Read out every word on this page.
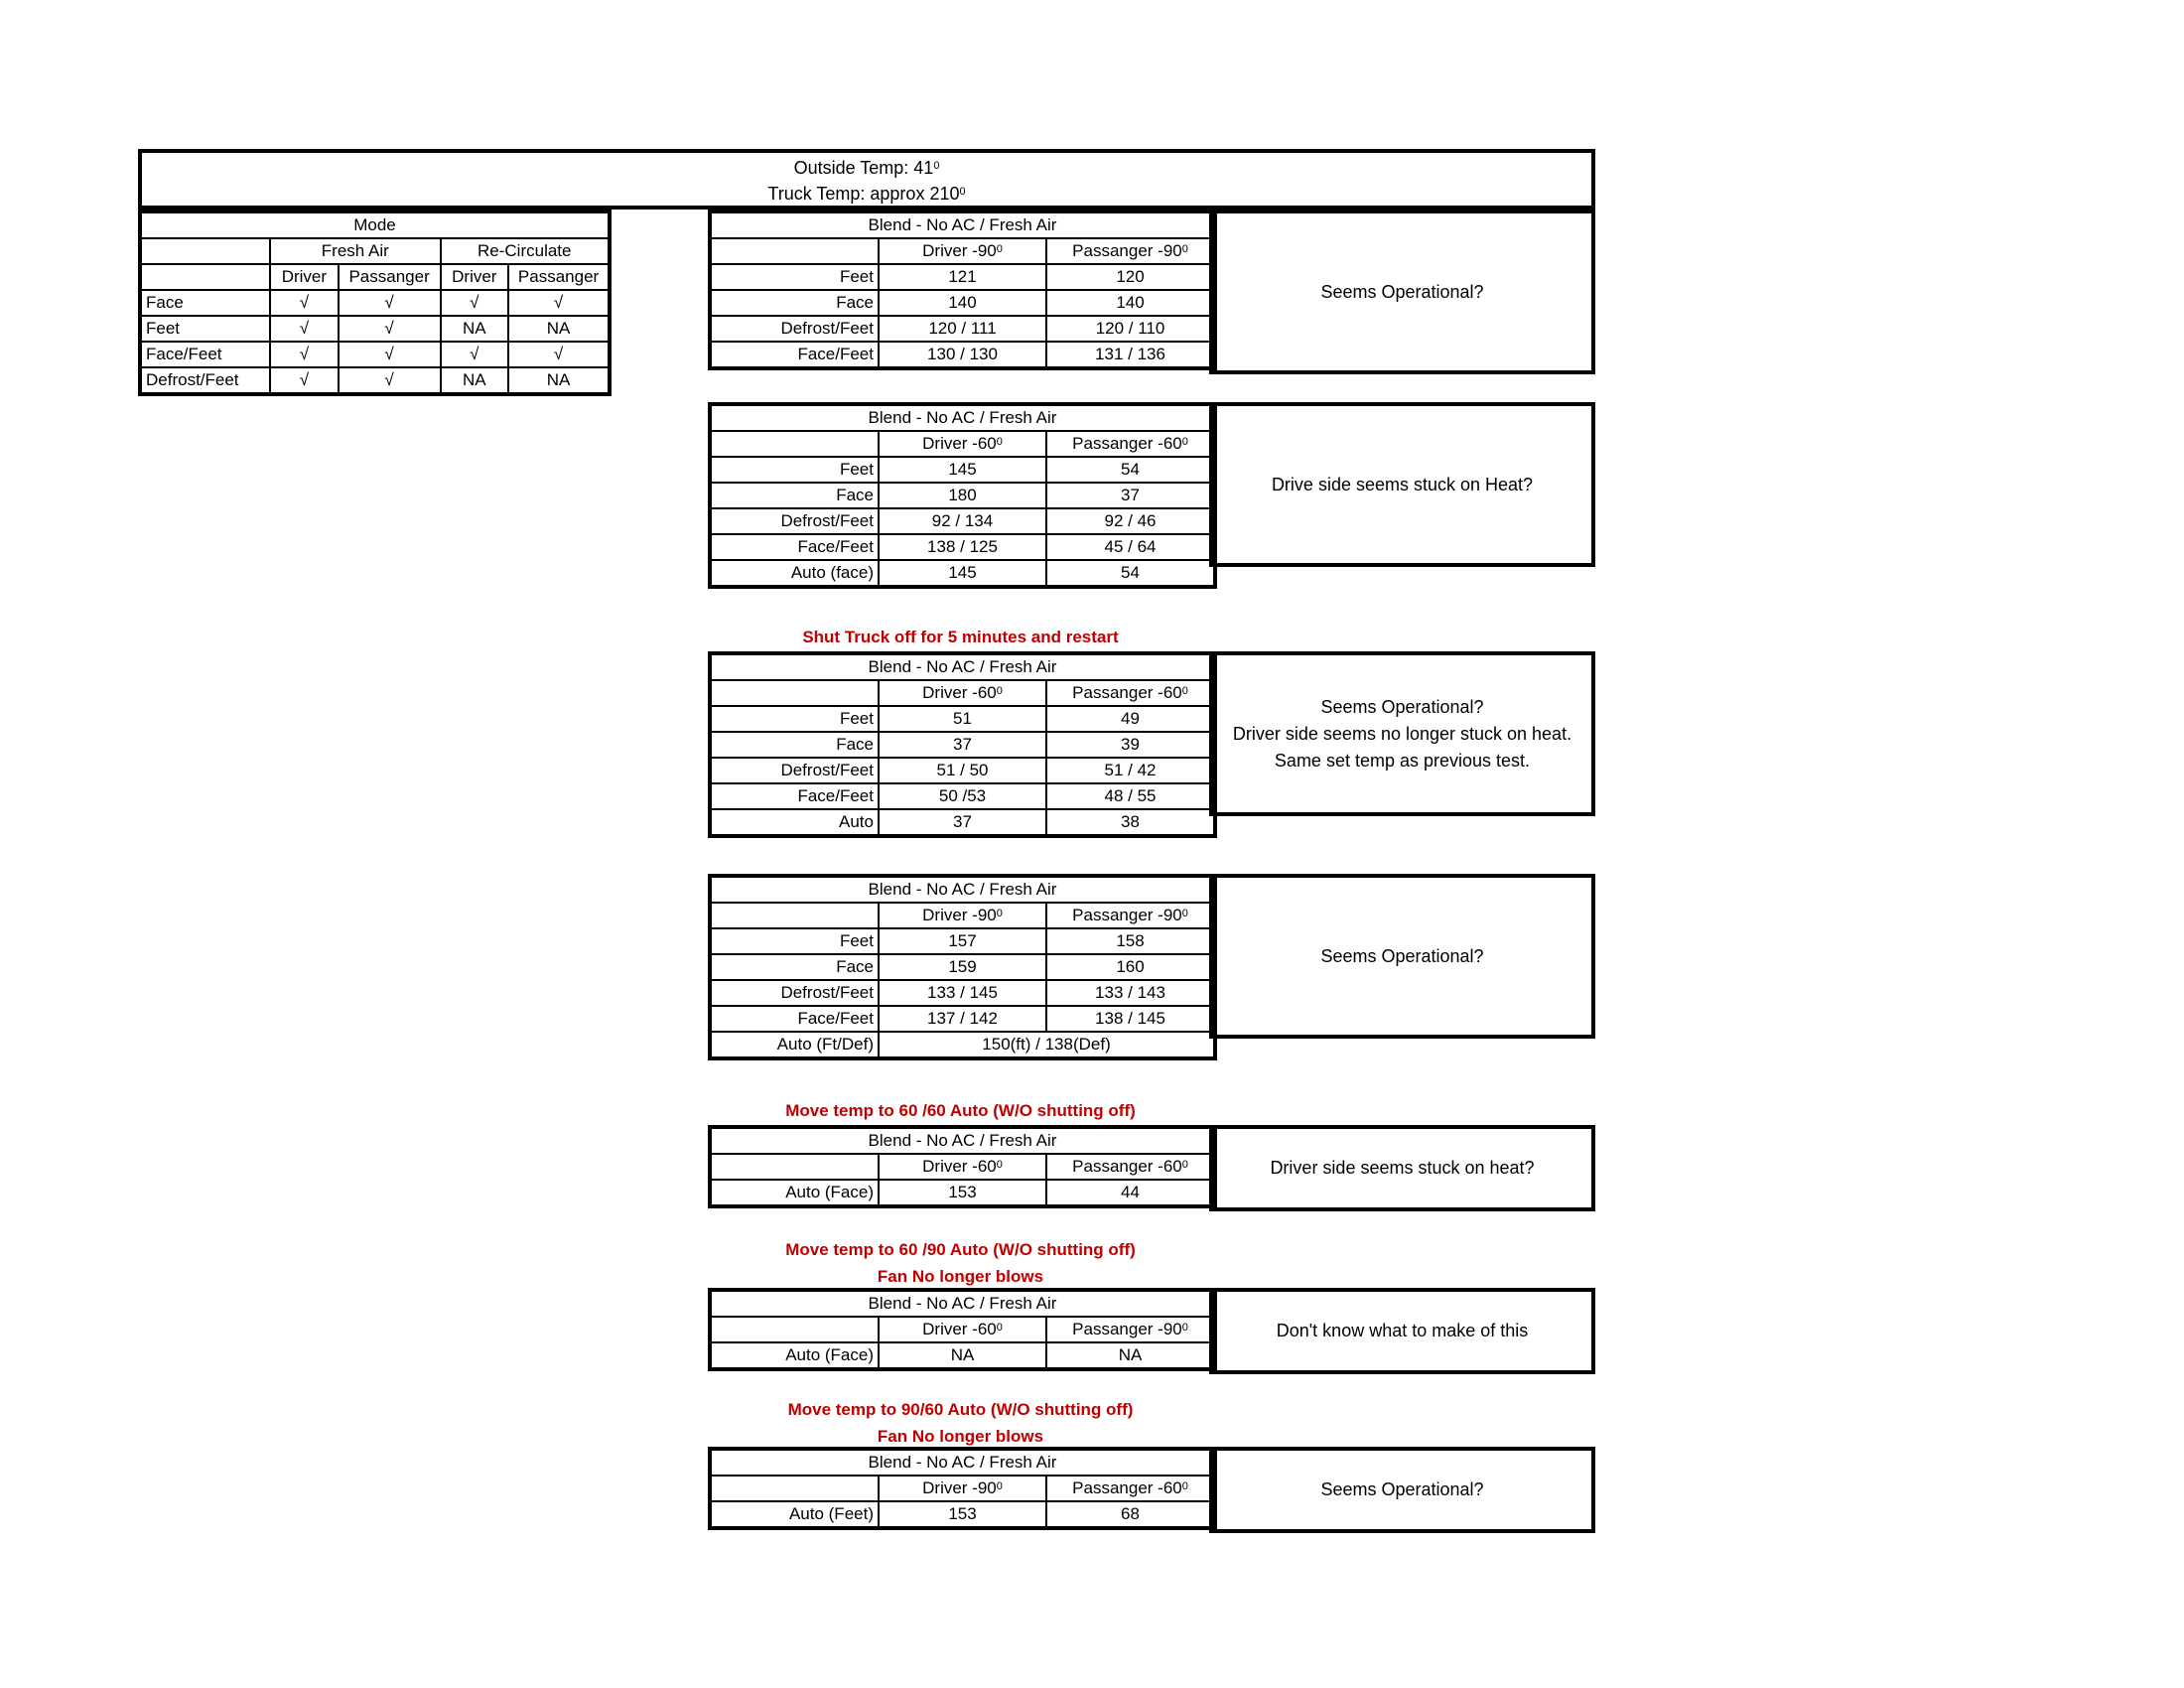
Outside Temp: $41^0$
Truck Temp: approx $210^0$
Mode				
	Fresh Air		Re-Circulate	
	Driver	Passanger	Driver	Passanger
Face	√	√	√	√
Feet	√	√	NA	NA
Face/Feet	√	√	√	√
Defrost/Feet	√	√	NA	NA
Blend - No AC / Fresh Air		
	Driver $-90^0$	Passanger $-90^0$
Feet	121	120
Face	140	140
Defrost/Feet	120 / 111	120 / 110
Face/Feet	130 / 130	131 / 136
Seems Operational?
Blend - No AC / Fresh Air		
	Driver $-60^0$	Passanger $-60^0$
Feet	145	54
Face	180	37
Defrost/Feet	92 / 134	92 / 46
Face/Feet	138 / 125	45 / 64
Auto (face)	145	54
Drive side seems stuck on Heat?
Shut Truck off for 5 minutes and restart
Blend - No AC / Fresh Air		
	Driver $-60^0$	Passanger $-60^0$
Feet	51	49
Face	37	39
Defrost/Feet	51 / 50	51 / 42
Face/Feet	50 /53	48 / 55
Auto	37	38
Seems Operational?
Driver side seems no longer stuck on heat.
Same set temp as previous test.
Blend - No AC / Fresh Air		
	Driver $-90^0$	Passanger $-90^0$
Feet	157	158
Face	159	160
Defrost/Feet	133 / 145	133 / 143
Face/Feet	137 / 142	138 / 145
Auto (Ft/Def)	150(ft) / 138(Def)	
Seems Operational?
Move temp to 60 /60 Auto (W/O shutting off)
Blend - No AC / Fresh Air		
	Driver $-60^0$	Passanger $-60^0$
Auto (Face)	153	44
Driver side seems stuck on heat?
Move temp to 60 /90 Auto (W/O shutting off)
Fan No longer blows
Blend - No AC / Fresh Air		
	Driver $-60^0$	Passanger $-90^0$
Auto (Face)	NA	NA
Don't know what to make of this
Move temp to 90/60 Auto (W/O shutting off)
Fan No longer blows
Blend - No AC / Fresh Air		
	Driver $-90^0$	Passanger $-60^0$
Auto (Feet)	153	68
Seems Operational?
